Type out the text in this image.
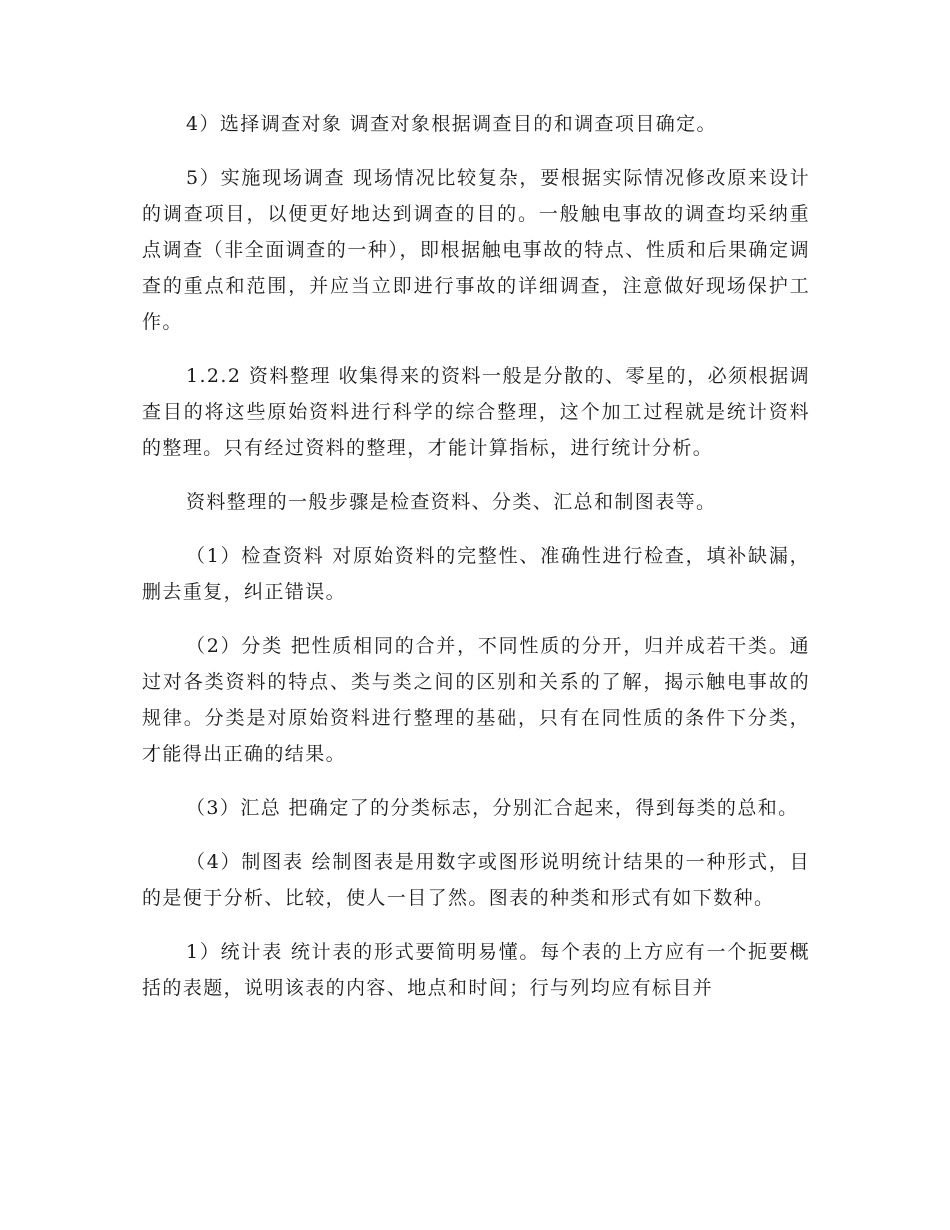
4）选择调查对象 调查对象根据调查目的和调查项目确定。

5）实施现场调查 现场情况比较复杂，要根据实际情况修改原来设计的调查项目，以便更好地达到调查的目的。一般触电事故的调查均采纳重点调查（非全面调查的一种），即根据触电事故的特点、性质和后果确定调查的重点和范围，并应当立即进行事故的详细调查，注意做好现场保护工作。

1.2.2 资料整理 收集得来的资料一般是分散的、零星的，必须根据调查目的将这些原始资料进行科学的综合整理，这个加工过程就是统计资料的整理。只有经过资料的整理，才能计算指标，进行统计分析。

资料整理的一般步骤是检查资料、分类、汇总和制图表等。

（1）检查资料 对原始资料的完整性、准确性进行检查，填补缺漏，删去重复，纠正错误。

（2）分类 把性质相同的合并，不同性质的分开，归并成若干类。通过对各类资料的特点、类与类之间的区别和关系的了解，揭示触电事故的规律。分类是对原始资料进行整理的基础，只有在同性质的条件下分类，才能得出正确的结果。

（3）汇总 把确定了的分类标志，分别汇合起来，得到每类的总和。

（4）制图表 绘制图表是用数字或图形说明统计结果的一种形式，目的是便于分析、比较，使人一目了然。图表的种类和形式有如下数种。

1）统计表 统计表的形式要简明易懂。每个表的上方应有一个扼要概括的表题，说明该表的内容、地点和时间；行与列均应有标目并
